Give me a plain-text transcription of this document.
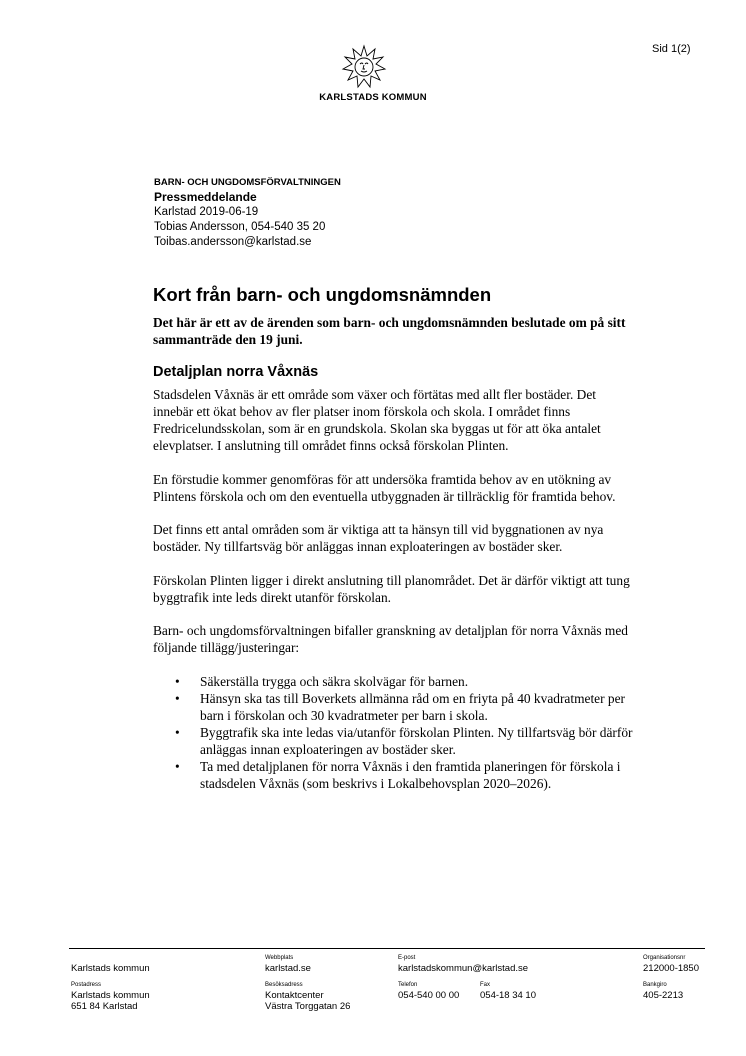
Sid 1(2)
KARLSTADS KOMMUN
BARN- OCH UNGDOMSFÖRVALTNINGEN
Pressmeddelande
Karlstad 2019-06-19
Tobias Andersson, 054-540 35 20
Toibas.andersson@karlstad.se
Kort från barn- och ungdomsnämnden
Det här är ett av de ärenden som barn- och ungdomsnämnden beslutade om på sitt sammanträde den 19 juni.
Detaljplan norra Våxnäs

Stadsdelen Våxnäs är ett område som växer och förtätas med allt fler bostäder. Det innebär ett ökat behov av fler platser inom förskola och skola. I området finns Fredricelundsskolan, som är en grundskola. Skolan ska byggas ut för att öka antalet elevplatser. I anslutning till området finns också förskolan Plinten.

En förstudie kommer genomföras för att undersöka framtida behov av en utökning av Plintens förskola och om den eventuella utbyggnaden är tillräcklig för framtida behov.

Det finns ett antal områden som är viktiga att ta hänsyn till vid byggnationen av nya bostäder. Ny tillfartsväg bör anläggas innan exploateringen av bostäder sker.

Förskolan Plinten ligger i direkt anslutning till planområdet. Det är därför viktigt att tung byggtrafik inte leds direkt utanför förskolan.

Barn- och ungdomsförvaltningen bifaller granskning av detaljplan för norra Våxnäs med följande tillägg/justeringar:

• Säkerställa trygga och säkra skolvägar för barnen.
• Hänsyn ska tas till Boverkets allmänna råd om en friyta på 40 kvadratmeter per barn i förskolan och 30 kvadratmeter per barn i skola.
• Byggtrafik ska inte ledas via/utanför förskolan Plinten. Ny tillfartsväg bör därför anläggas innan exploateringen av bostäder sker.
• Ta med detaljplanen för norra Våxnäs i den framtida planeringen för förskola i stadsdelen Våxnäs (som beskrivs i Lokalbehovsplan 2020–2026).
Karlstads kommun
Webbplats
karlstad.se
E-post
karlstadskommun@karlstad.se
Organisationsnr
212000-1850
Postadress
Karlstads kommun
651 84 Karlstad
Besöksadress
Kontaktcenter
Västra Torggatan 26
Telefon
054-540 00 00
Fax
054-18 34 10
Bankgiro
405-2213
